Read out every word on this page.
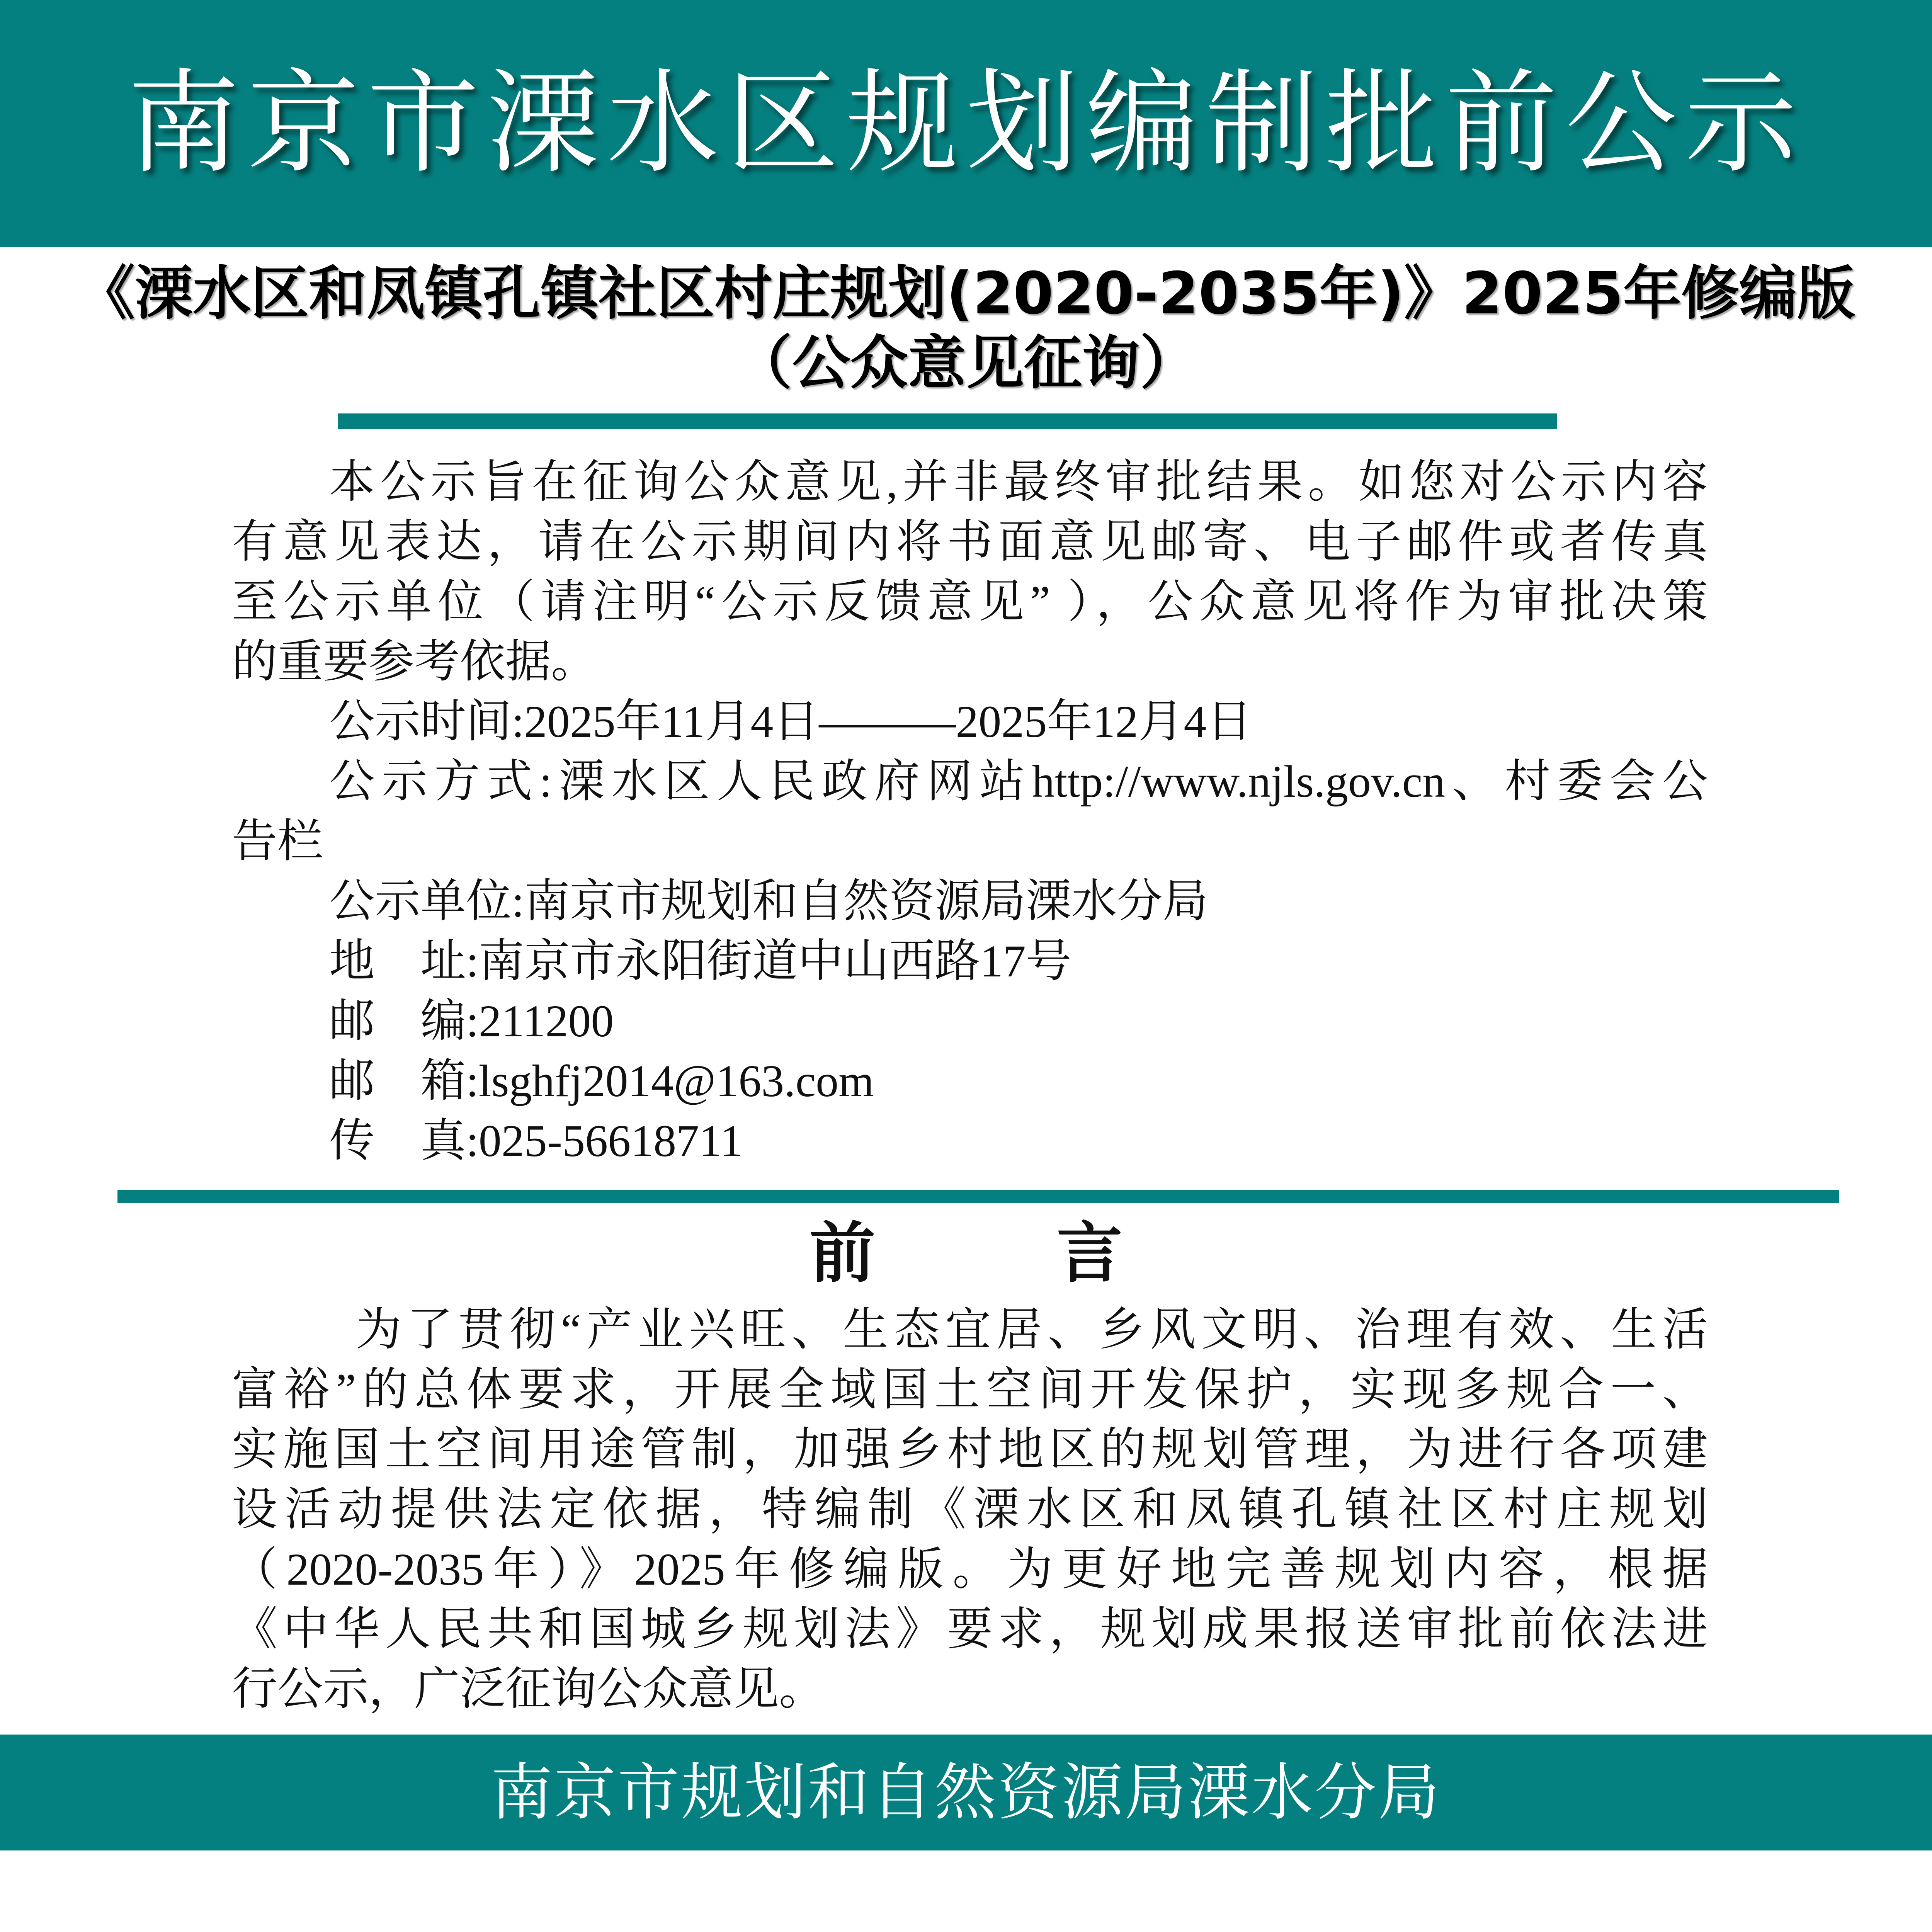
南京市溧水区规划编制批前公示
《溧水区和凤镇孔镇社区村庄规划(2020-2035年)》2025年修编版
（公众意见征询）
本公示旨在征询公众意见,并非最终审批结果。如您对公示内容
有意见表达，请在公示期间内将书面意见邮寄、电子邮件或者传真
至公示单位（请注明“公示反馈意见” ），公众意见将作为审批决策
的重要参考依据。
公示时间:2025年11月4日———2025年12月4日
公示方式:溧水区人民政府网站http://www.njls.gov.cn、村委会公
告栏
公示单位:南京市规划和自然资源局溧水分局
地　址:南京市永阳街道中山西路17号
邮　编:211200
邮　箱:lsghfj2014@163.com
传　真:025-56618711
前言
为了贯彻“产业兴旺、生态宜居、乡风文明、治理有效、生活
富裕”的总体要求，开展全域国土空间开发保护，实现多规合一、
实施国土空间用途管制，加强乡村地区的规划管理，为进行各项建
设活动提供法定依据，特编制《溧水区和凤镇孔镇社区村庄规划
（2020-2035年）》2025年修编版。为更好地完善规划内容，根据
《中华人民共和国城乡规划法》要求，规划成果报送审批前依法进
行公示，广泛征询公众意见。
南京市规划和自然资源局溧水分局
